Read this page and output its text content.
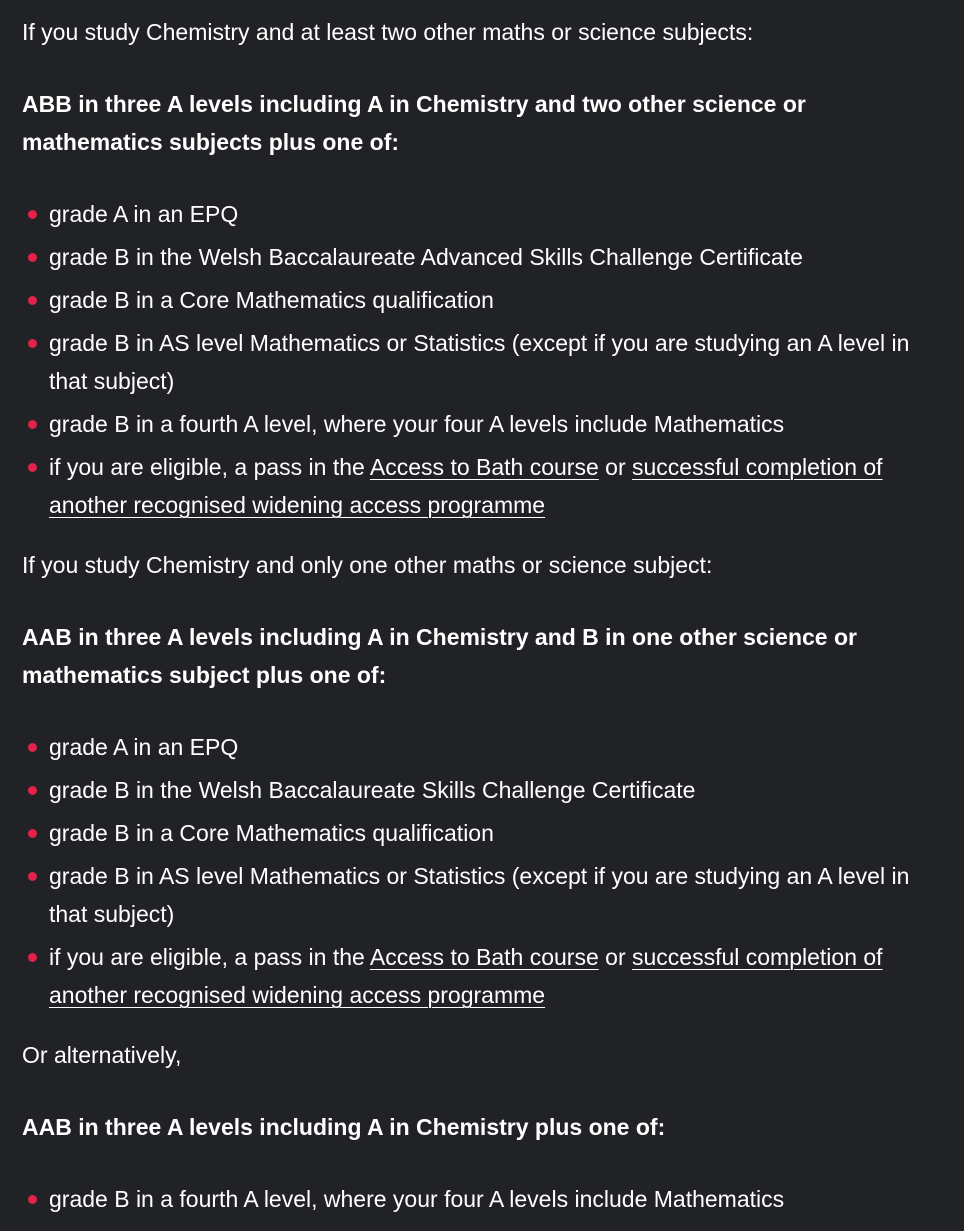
If you study Chemistry and at least two other maths or science subjects:

ABB in three A levels including A in Chemistry and two other science or mathematics subjects plus one of:

grade A in an EPQ
grade B in the Welsh Baccalaureate Advanced Skills Challenge Certificate
grade B in a Core Mathematics qualification
grade B in AS level Mathematics or Statistics (except if you are studying an A level in that subject)
grade B in a fourth A level, where your four A levels include Mathematics
if you are eligible, a pass in the Access to Bath course or successful completion of another recognised widening access programme

If you study Chemistry and only one other maths or science subject:

AAB in three A levels including A in Chemistry and B in one other science or mathematics subject plus one of:

grade A in an EPQ
grade B in the Welsh Baccalaureate Skills Challenge Certificate
grade B in a Core Mathematics qualification
grade B in AS level Mathematics or Statistics (except if you are studying an A level in that subject)
if you are eligible, a pass in the Access to Bath course or successful completion of another recognised widening access programme

Or alternatively,

AAB in three A levels including A in Chemistry plus one of:

grade B in a fourth A level, where your four A levels include Mathematics
